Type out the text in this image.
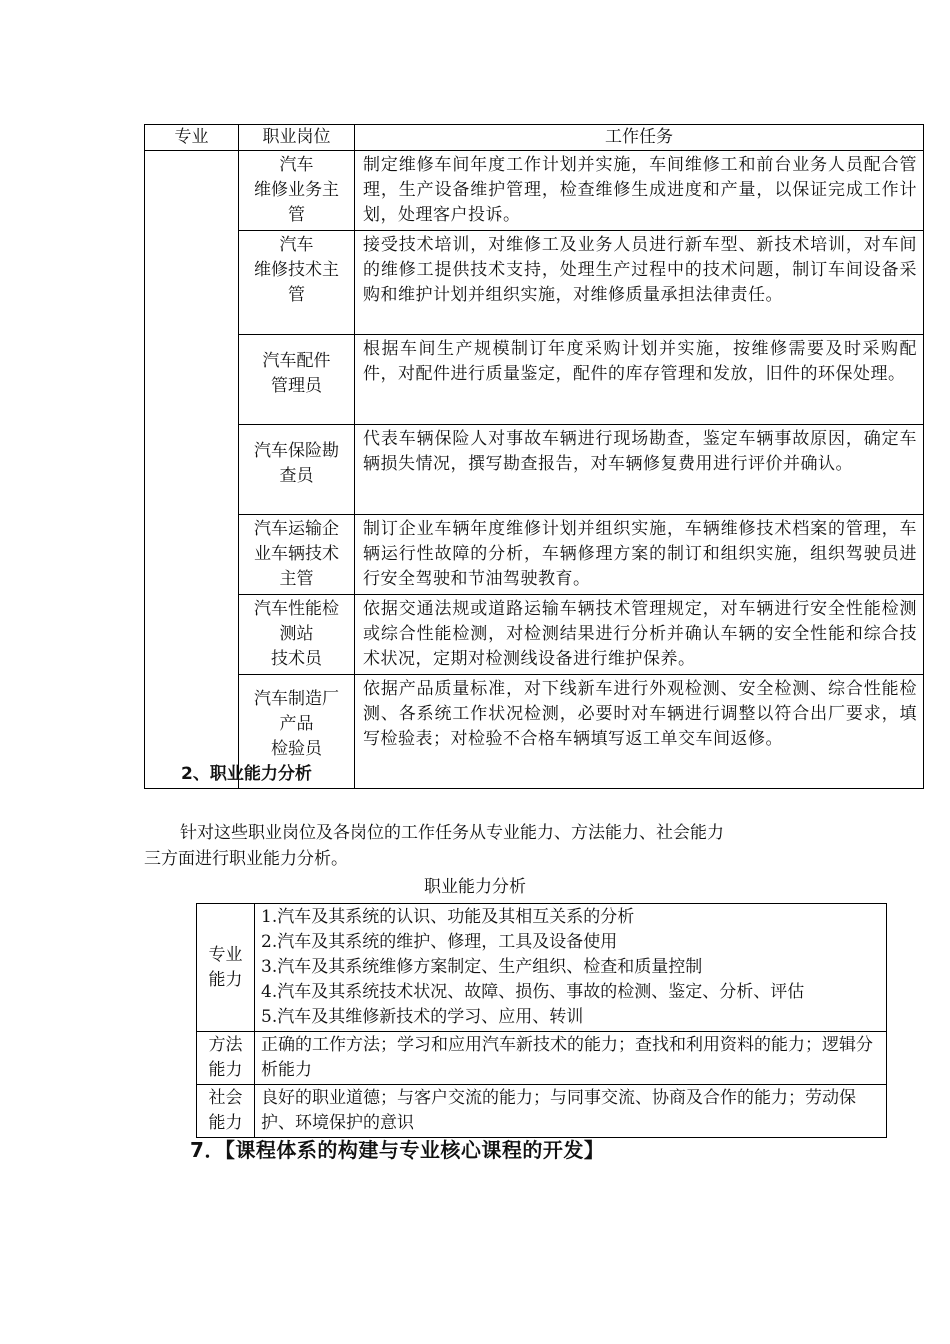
专业	职业岗位	工作任务
	汽车
维修业务主
管	制定维修车间年度工作计划并实施，车间维修工和前台业务人员配合管理，生产设备维护管理，检查维修生成进度和产量，以保证完成工作计划，处理客户投诉。
	汽车
维修技术主
管	接受技术培训，对维修工及业务人员进行新车型、新技术培训，对车间的维修工提供技术支持，处理生产过程中的技术问题，制订车间设备采购和维护计划并组织实施，对维修质量承担法律责任。
	汽车配件
管理员	根据车间生产规模制订年度采购计划并实施，按维修需要及时采购配件，对配件进行质量鉴定，配件的库存管理和发放，旧件的环保处理。
	汽车保险勘
查员	代表车辆保险人对事故车辆进行现场勘查，鉴定车辆事故原因，确定车辆损失情况，撰写勘查报告，对车辆修复费用进行评价并确认。
	汽车运输企
业车辆技术
主管	制订企业车辆年度维修计划并组织实施，车辆维修技术档案的管理，车辆运行性故障的分析，车辆修理方案的制订和组织实施，组织驾驶员进行安全驾驶和节油驾驶教育。
	汽车性能检
测站
技术员	依据交通法规或道路运输车辆技术管理规定，对车辆进行安全性能检测或综合性能检测，对检测结果进行分析并确认车辆的安全性能和综合技术状况，定期对检测线设备进行维护保养。
	汽车制造厂
产品
检验员	依据产品质量标准，对下线新车进行外观检测、安全检测、综合性能检测、各系统工作状况检测，必要时对车辆进行调整以符合出厂要求，填写检验表；对检验不合格车辆填写返工单交车间返修。
2、职业能力分析
针对这些职业岗位及各岗位的工作任务从专业能力、方法能力、社会能力
三方面进行职业能力分析。
职业能力分析
专业
能力	1.汽车及其系统的认识、功能及其相互关系的分析
2.汽车及其系统的维护、修理，工具及设备使用
3.汽车及其系统维修方案制定、生产组织、检查和质量控制
4.汽车及其系统技术状况、故障、损伤、事故的检测、鉴定、分析、评估
5.汽车及其维修新技术的学习、应用、转训

方法
能力	正确的工作方法；学习和应用汽车新技术的能力；查找和利用资料的能力；逻辑分析能力
社会
能力	良好的职业道德；与客户交流的能力；与同事交流、协商及合作的能力；劳动保护、环境保护的意识
7．【课程体系的构建与专业核心课程的开发】
